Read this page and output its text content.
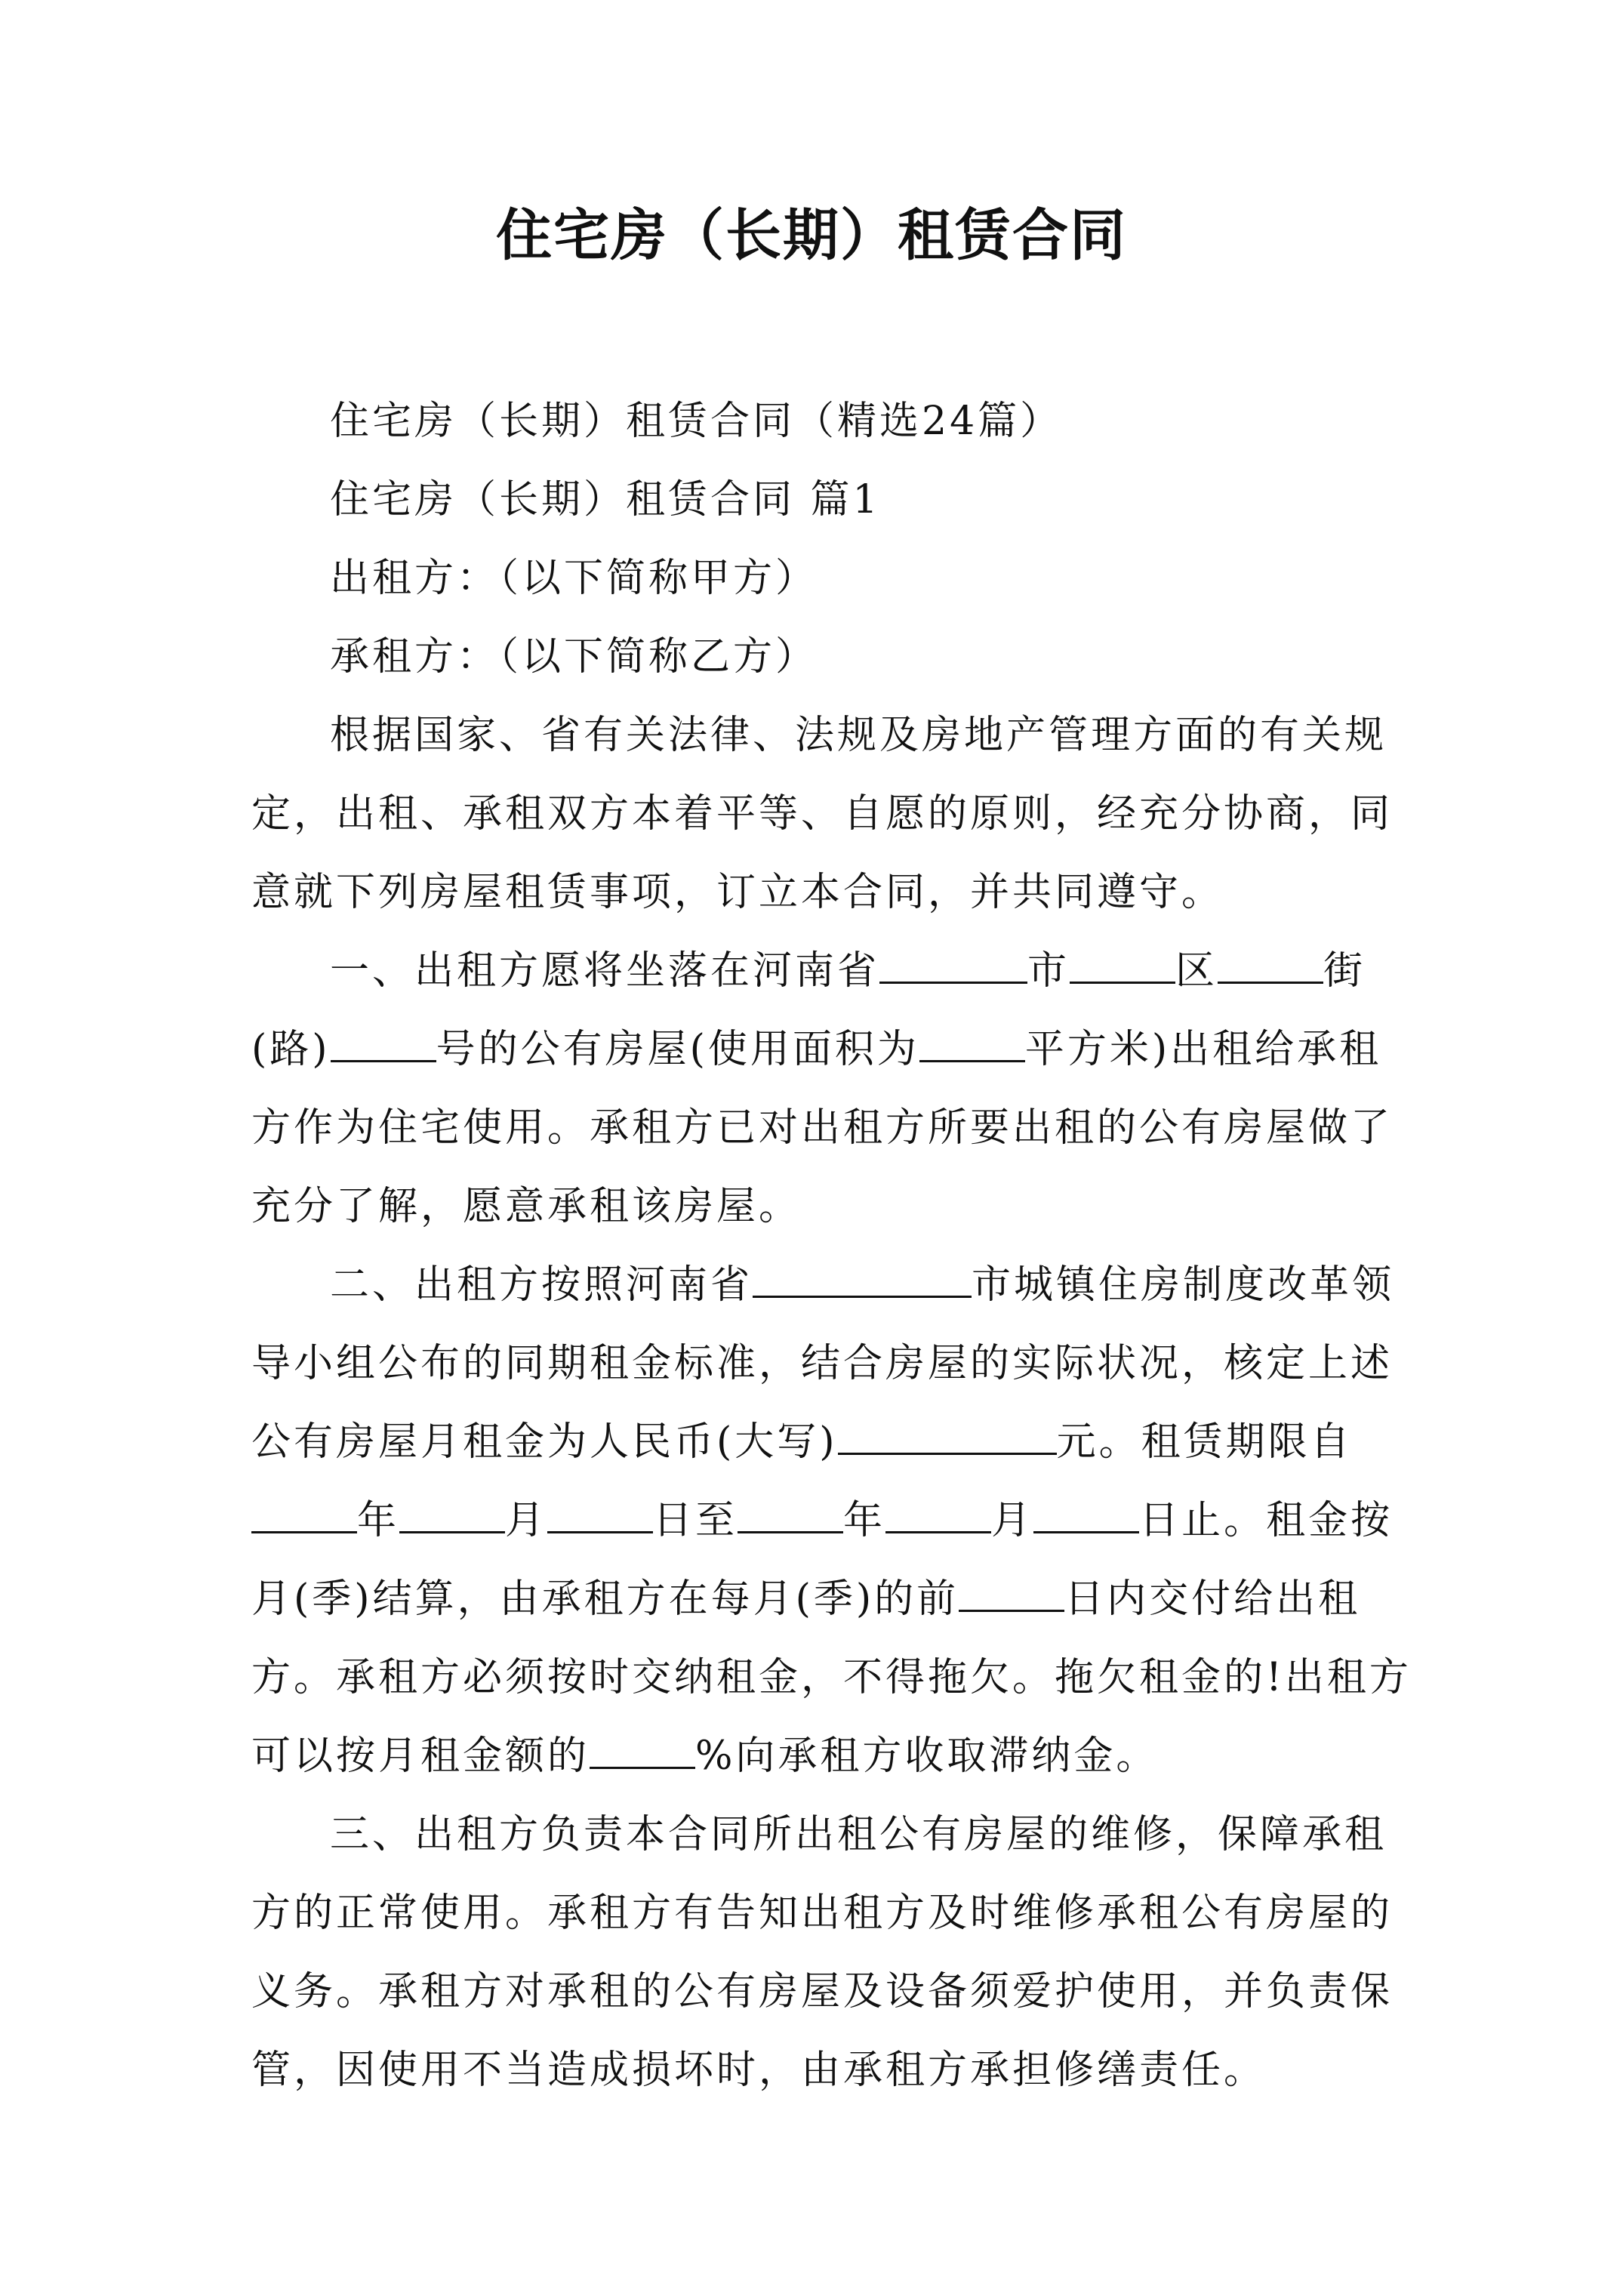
住宅房（长期）租赁合同

住宅房（长期）租赁合同（精选24篇）

住宅房（长期）租赁合同 篇1

出租方：（以下简称甲方）

承租方：（以下简称乙方）

根据国家、省有关法律、法规及房地产管理方面的有关规定，出租、承租双方本着平等、自愿的原则，经充分协商，同意就下列房屋租赁事项，订立本合同，并共同遵守。

一、出租方愿将坐落在河南省	市	区	街(路)	号的公有房屋(使用面积为	平方米)出租给承租方作为住宅使用。承租方已对出租方所要出租的公有房屋做了充分了解，愿意承租该房屋。

二、出租方按照河南省	市城镇住房制度改革领导小组公布的同期租金标准，结合房屋的实际状况，核定上述公有房屋月租金为人民币(大写)	元。租赁期限自年	月	日至	年	月	日止。租金按月(季)结算，由承租方在每月(季)的前	日内交付给出租方。承租方必须按时交纳租金，不得拖欠。拖欠租金的!出租方可以按月租金额的	%向承租方收取滞纳金。

三、出租方负责本合同所出租公有房屋的维修，保障承租方的正常使用。承租方有告知出租方及时维修承租公有房屋的义务。承租方对承租的公有房屋及设备须爱护使用，并负责保管，因使用不当造成损坏时，由承租方承担修缮责任。
